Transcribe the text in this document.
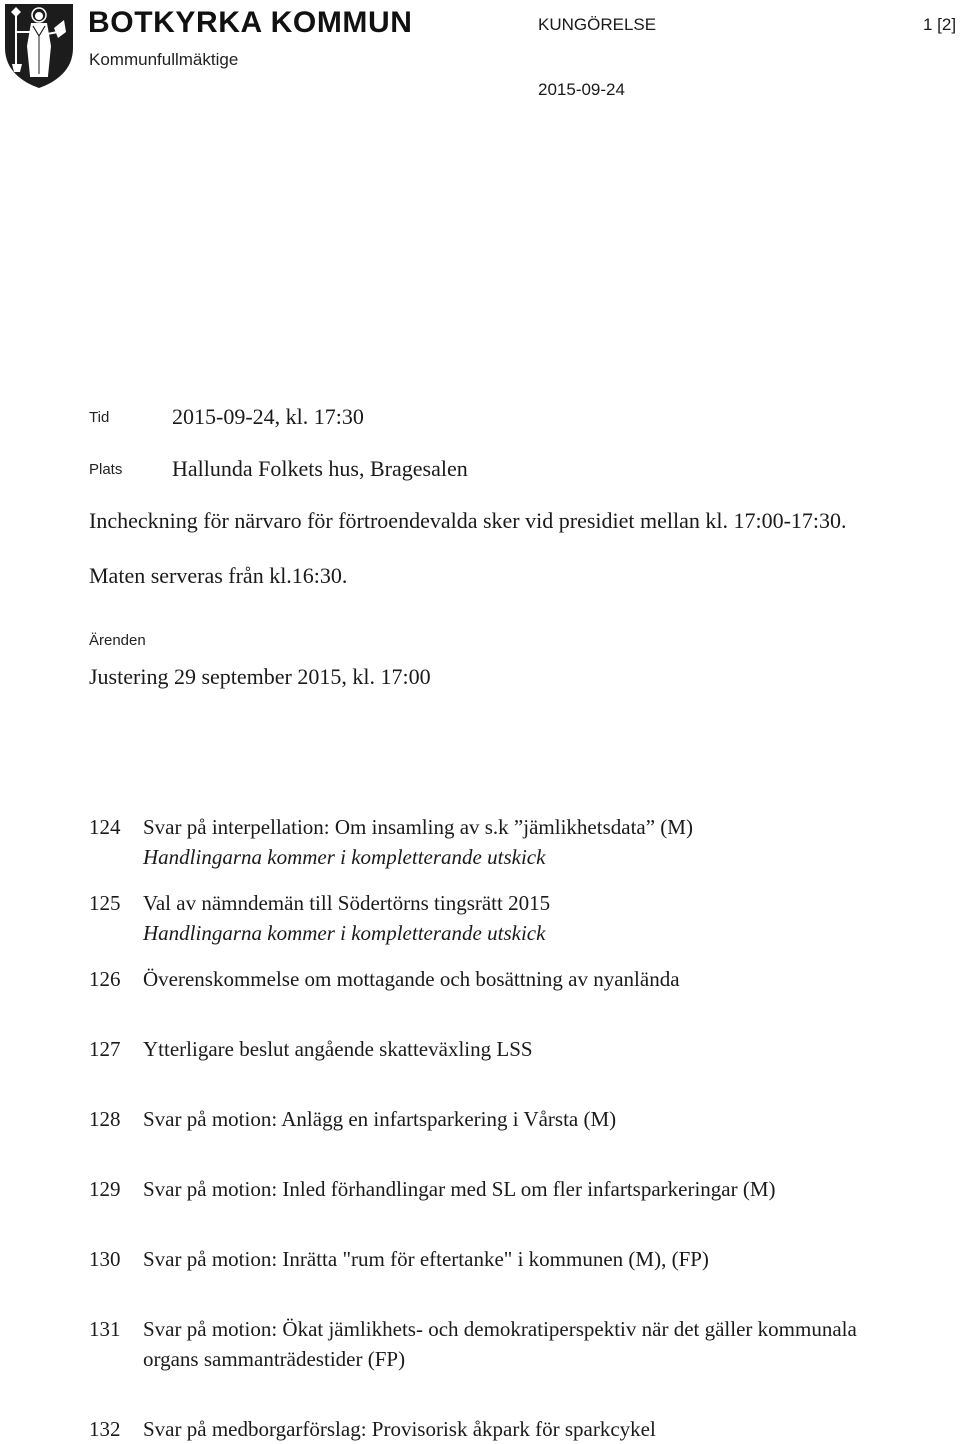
BOTKYRKA KOMMUN
Kommunfullmäktige
KUNGÖRELSE	1 [2]
2015-09-24
Tid	2015-09-24, kl. 17:30
Plats Hallunda Folkets hus, Bragesalen
Incheckning för närvaro för förtroendevalda sker vid presidiet mellan kl. 17:00-17:30.
Maten serveras från kl.16:30.
Ärenden
Justering 29 september 2015, kl. 17:00
124	Svar på interpellation: Om insamling av s.k ”jämlikhetsdata” (M)
Handlingarna kommer i kompletterande utskick
125	Val av nämndemän till Södertörns tingsrätt 2015
Handlingarna kommer i kompletterande utskick
126	Överenskommelse om mottagande och bosättning av nyanlända
127	Ytterligare beslut angående skatteväxling LSS
128	Svar på motion: Anlägg en infartsparkering i Vårsta (M)
129	Svar på motion: Inled förhandlingar med SL om fler infartsparkeringar (M)
130	Svar på motion: Inrätta "rum för eftertanke" i kommunen (M), (FP)
131	Svar på motion: Ökat jämlikhets- och demokratiperspektiv när det gäller kommunala organs sammanträdestider (FP)
132	Svar på medborgarförslag: Provisorisk åkpark för sparkcykel
